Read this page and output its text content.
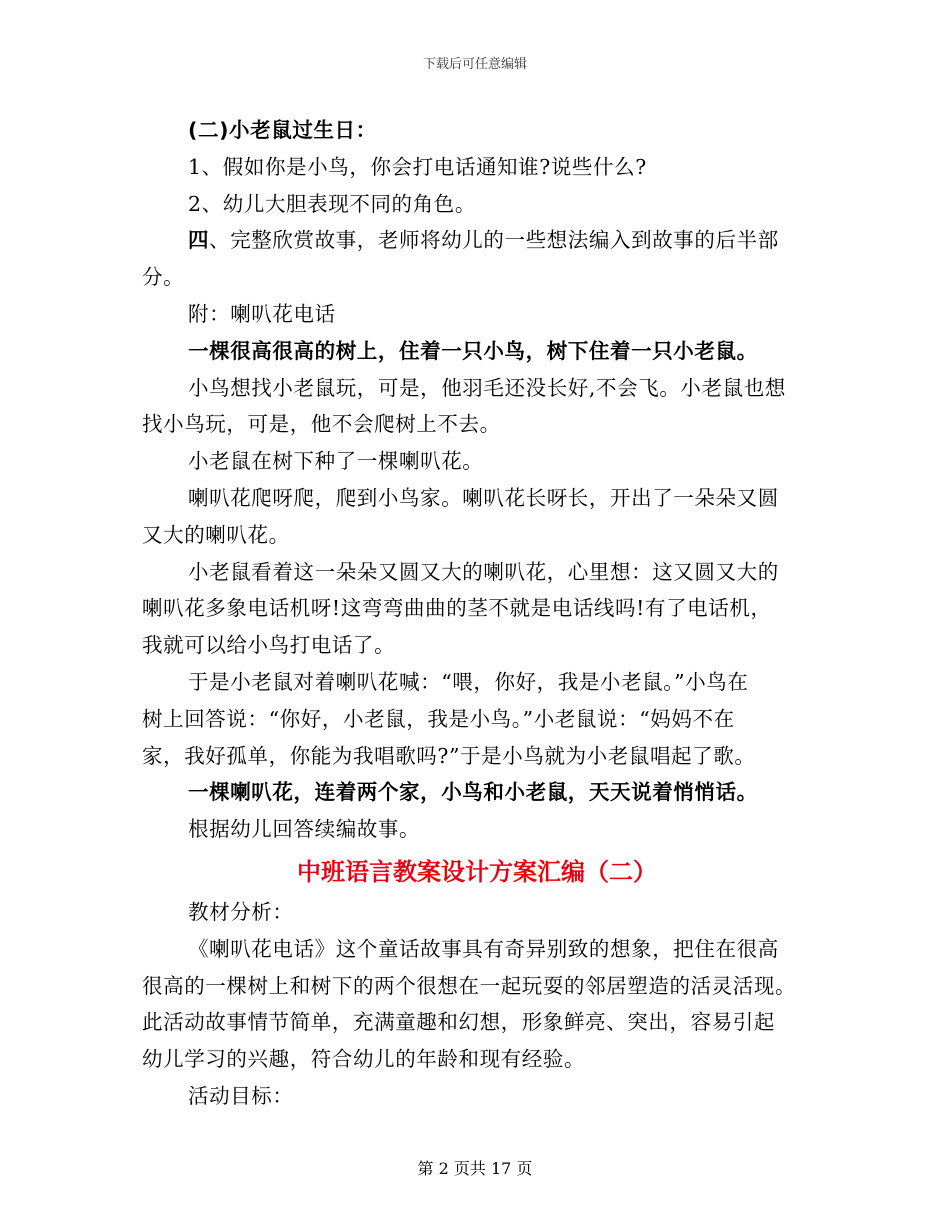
下载后可任意编辑
(二)小老鼠过生日：
1、假如你是小鸟，你会打电话通知谁?说些什么?
2、幼儿大胆表现不同的角色。
四、完整欣赏故事，老师将幼儿的一些想法编入到故事的后半部
分。
附：喇叭花电话
一棵很高很高的树上，住着一只小鸟，树下住着一只小老鼠。
小鸟想找小老鼠玩，可是，他羽毛还没长好,不会飞。小老鼠也想
找小鸟玩，可是，他不会爬树上不去。
小老鼠在树下种了一棵喇叭花。
喇叭花爬呀爬，爬到小鸟家。喇叭花长呀长，开出了一朵朵又圆
又大的喇叭花。
小老鼠看着这一朵朵又圆又大的喇叭花，心里想：这又圆又大的
喇叭花多象电话机呀!这弯弯曲曲的茎不就是电话线吗!有了电话机，
我就可以给小鸟打电话了。
于是小老鼠对着喇叭花喊：“喂，你好，我是小老鼠。”小鸟在
树上回答说：“你好，小老鼠，我是小鸟。”小老鼠说：“妈妈不在
家，我好孤单，你能为我唱歌吗?”于是小鸟就为小老鼠唱起了歌。
一棵喇叭花，连着两个家，小鸟和小老鼠，天天说着悄悄话。
根据幼儿回答续编故事。
中班语言教案设计方案汇编（二）
教材分析：
《喇叭花电话》这个童话故事具有奇异别致的想象，把住在很高
很高的一棵树上和树下的两个很想在一起玩耍的邻居塑造的活灵活现。
此活动故事情节简单，充满童趣和幻想，形象鲜亮、突出，容易引起
幼儿学习的兴趣，符合幼儿的年龄和现有经验。
活动目标：
第 2 页共 17 页
